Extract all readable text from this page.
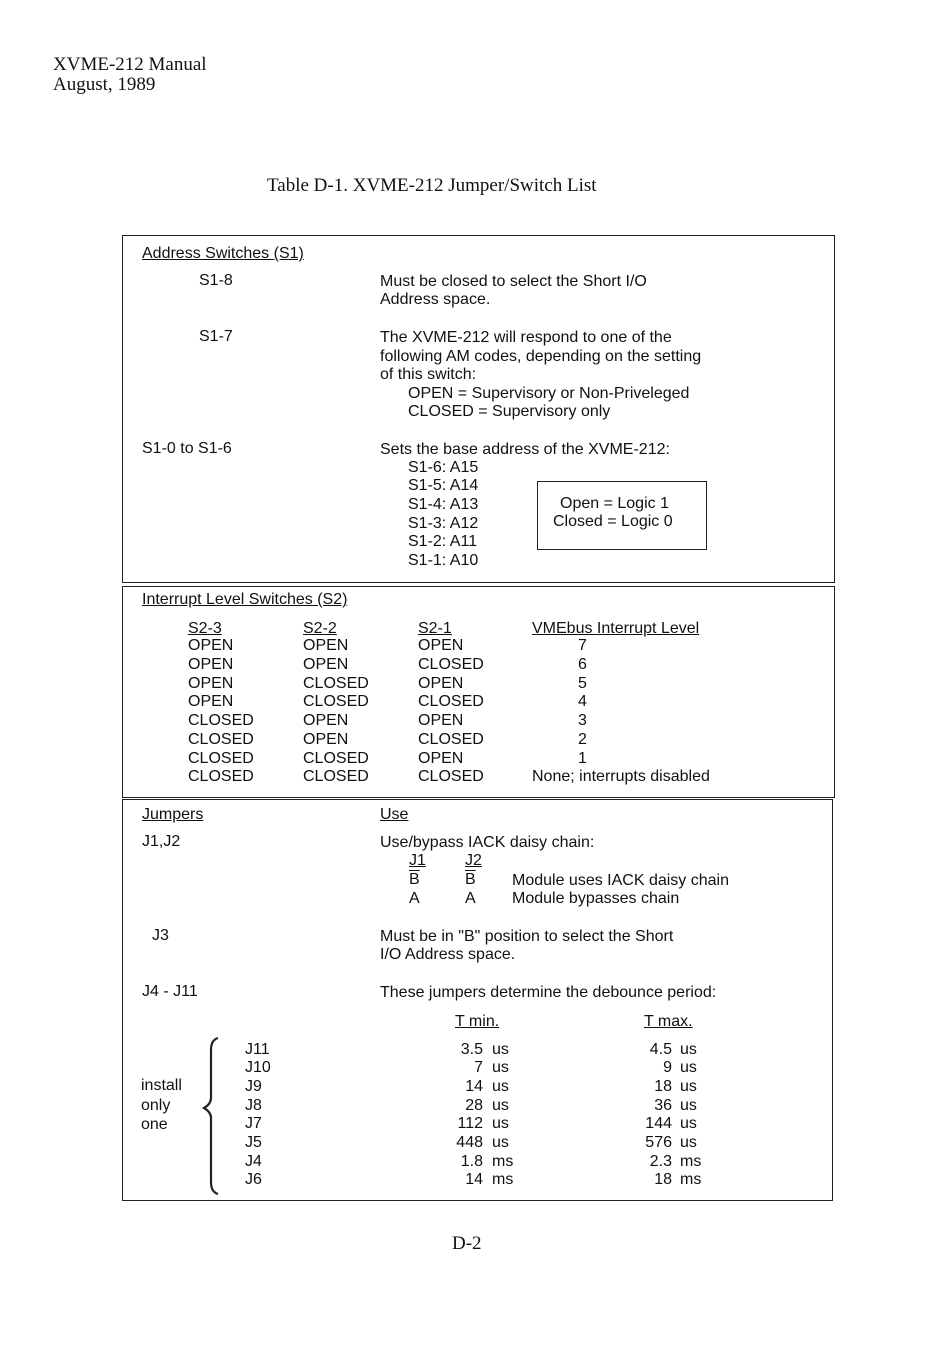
XVME-212 Manual
August, 1989
Table D-1. XVME-212 Jumper/Switch List
Address Switches (S1)
S1-8	Must be closed to select the Short I/O
Address space.
S1-7	The XVME-212 will respond to one of the
following AM codes, depending on the setting
of this switch:
OPEN = Supervisory or Non-Priveleged
CLOSED = Supervisory only
S1-0 to S1-6	Sets the base address of the XVME-212:
S1-6: A15
S1-5: A14
S1-4: A13
S1-3: A12
S1-2: A11
S1-1: A10
Open = Logic 1
Closed = Logic 0
Interrupt Level Switches (S2)
S2-3	S2-2	S2-1	VMEbus Interrupt Level
OPEN	OPEN	OPEN	7
OPEN	OPEN	CLOSED	6
OPEN	CLOSED	OPEN	5
OPEN	CLOSED	CLOSED	4
CLOSED	OPEN	OPEN	3
CLOSED	OPEN	CLOSED	2
CLOSED	CLOSED	OPEN	1
CLOSED	CLOSED	CLOSED	None; interrupts disabled
Jumpers	Use
J1,J2	Use/bypass IACK daisy chain:
J1 J2
$\overline{B}$	$\overline{B}$ Module uses IACK daisy chain
A	A Module bypasses chain
J3	Must be in "B" position to select the Short
I/O Address space.
J4 - J11	These jumpers determine the debounce period:
T min.	T max.
install
only
one
J11	3.5 us	4.5 us
J10	7 us	9 us
J9	14 us	18 us
J8	28 us	36 us
J7	112 us	144 us
J5	448 us	576 us
J4	1.8 ms	2.3 ms
J6	14 ms	18 ms
D-2
